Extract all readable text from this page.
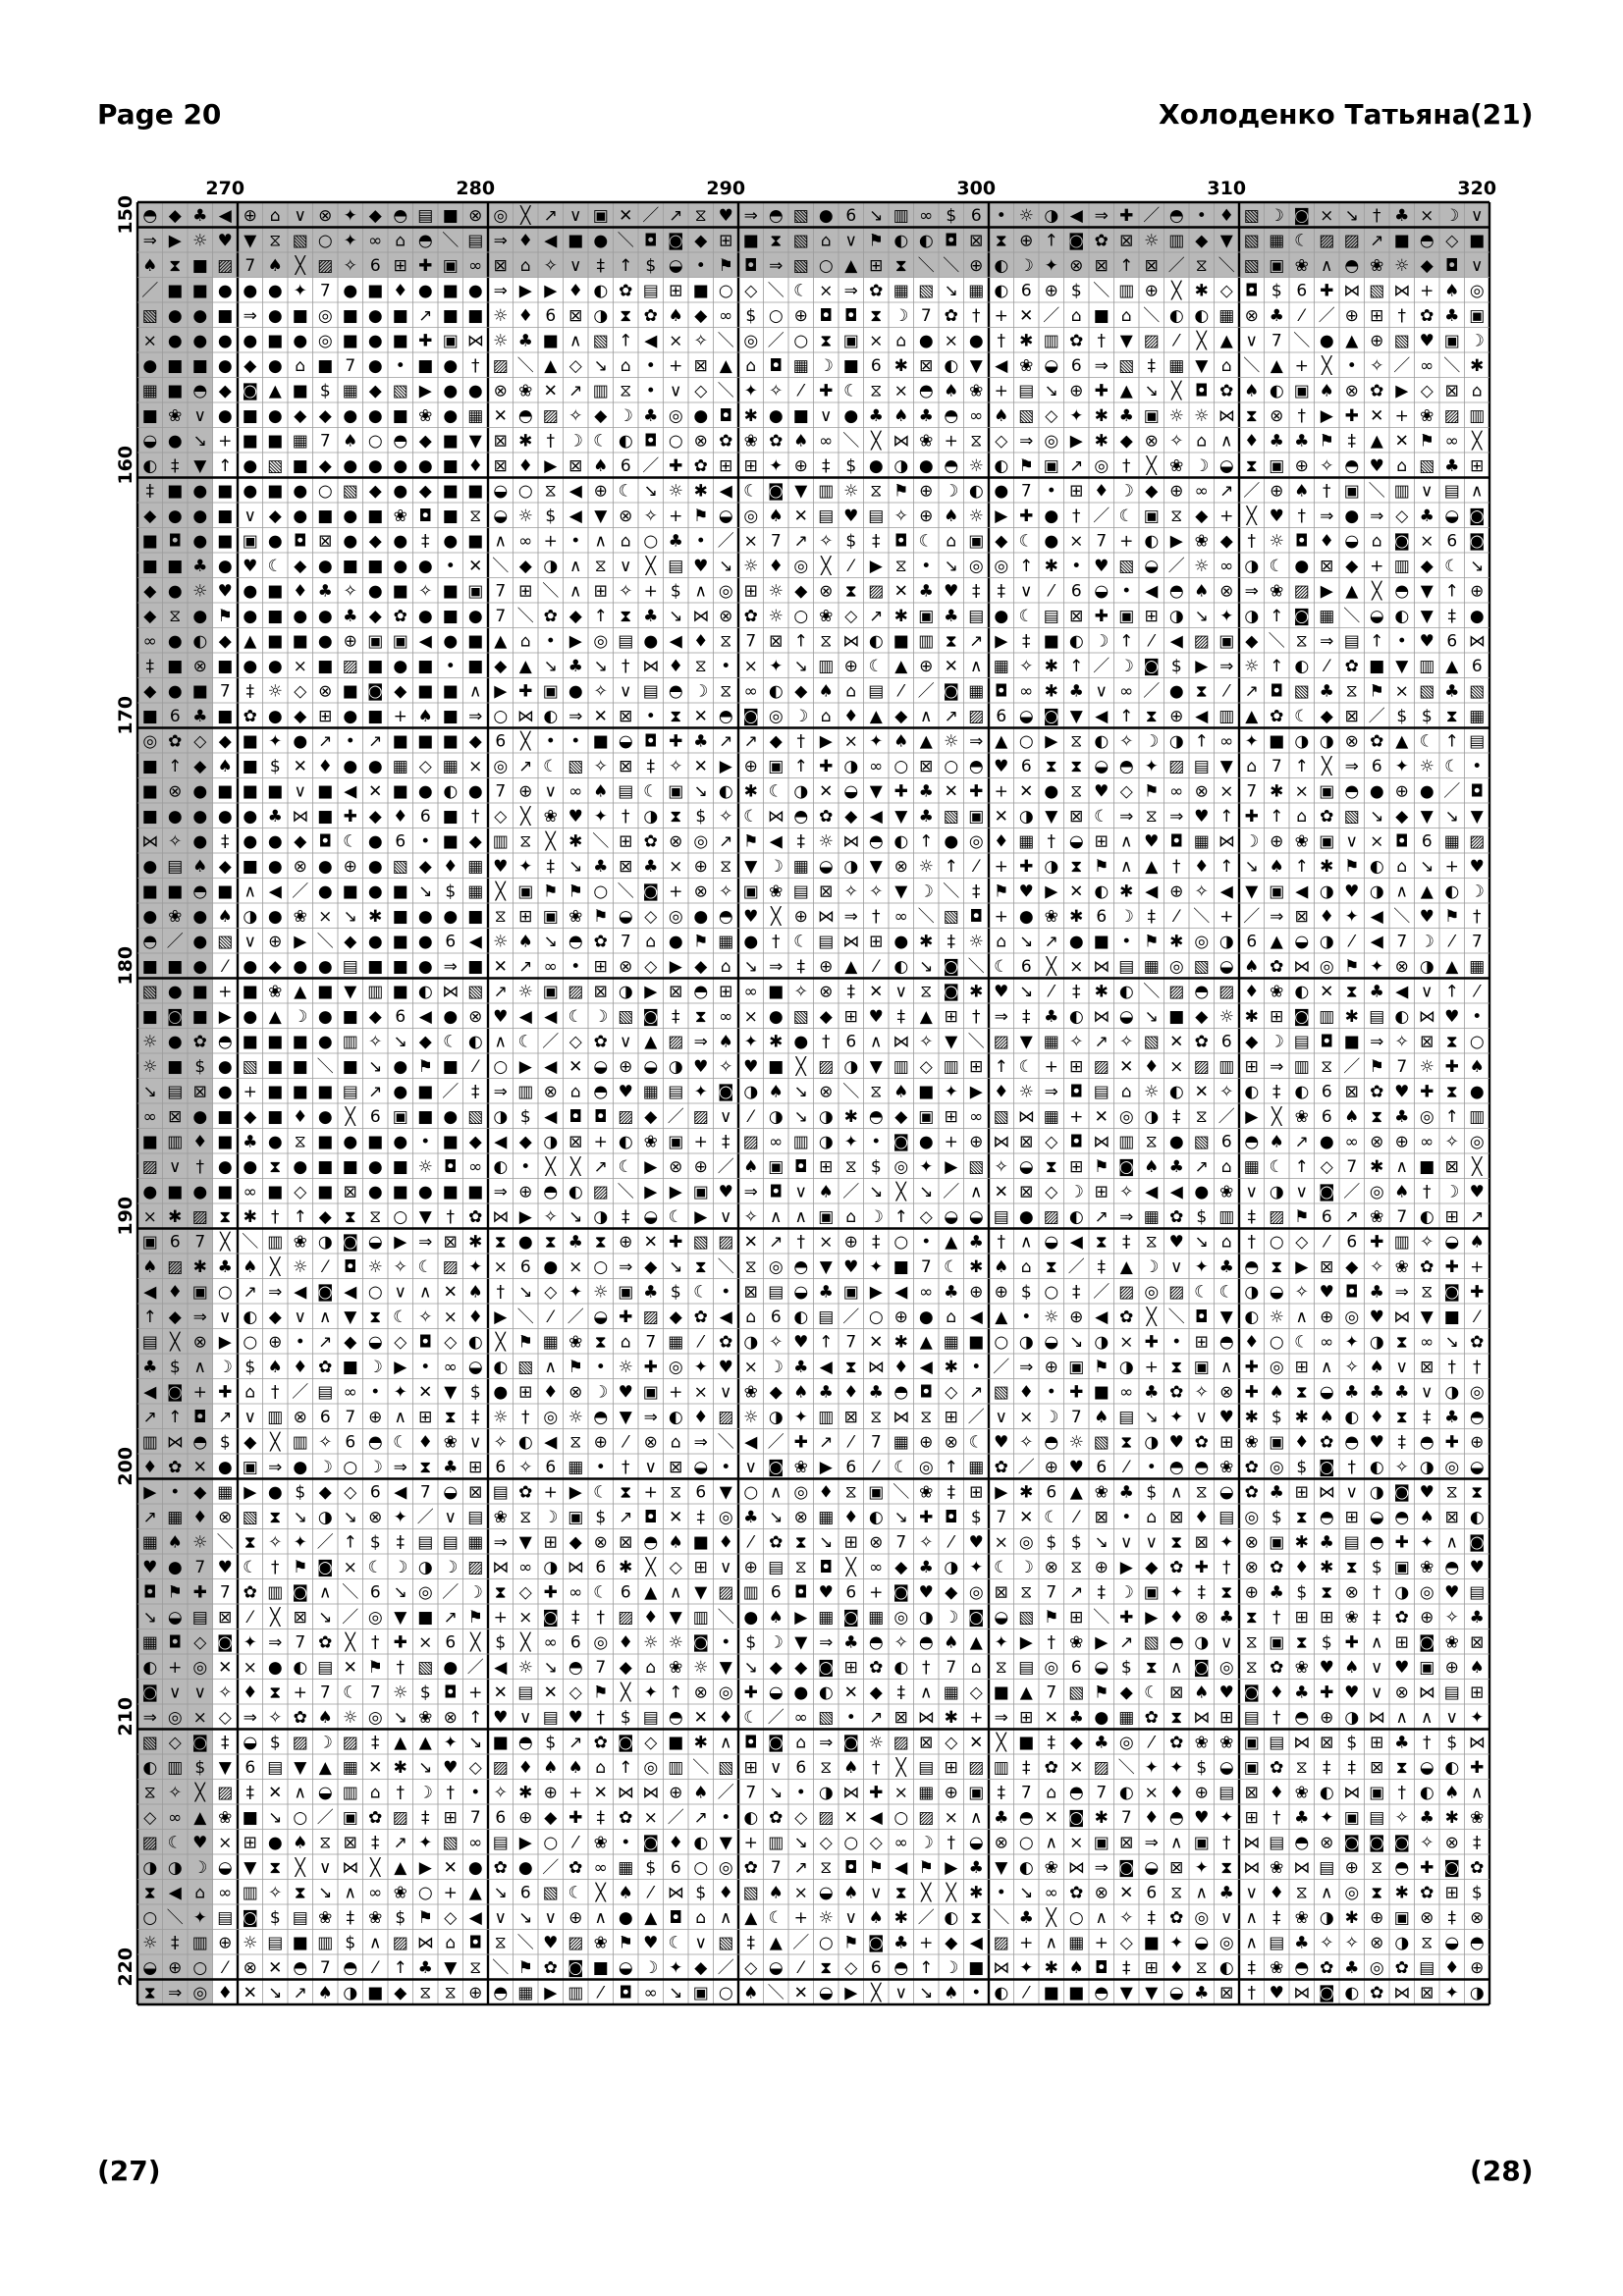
Page 20	Холоденко Татьяна (21)
◓ ◆ ♣ ◀ ⊕ ⌂ ∨ ⊗ ✦ ◆ ◓ ▤ ■ ⊗ ◎ ╳ ↗ ∨ ▣ ✕ ／ ↗ ⧖ ♥ ⇒ ◓ ▧ ● 6 ↘ ▥ ∞ $ 6 • ☼ ◑ ◀ ⇒ ✚ ／ ◓ • ♦ ▧ ☽ ◙ × ↘ † ♣ × ☽ ∨
⇒ ▶ ☼ ♥ ▼ ⧖ ▧ ○ ✦ ∞ ⌂ ◓ ＼ ▤ ⇒ ♦ ◀ ■ ● ＼ ◘ ◙ ◆ ⊞ ■ ⧗ ▧ ⌂ ∨ ⚑ ◐ ◐ ◘ ⊠ ⧗ ⊕ ↑ ◙ ✿ ⊠ ☼ ▥ ◆ ▼ ▧ ▦ ☾ ▨ ▨ ↗ ■ ◓ ◇ ■
♠ ⧗ ■ ▨ 7 ♠ ╳ ▨ ✧ 6 ⊞ ✚ ▣ ∞ ⊠ ⌂ ✧ ∨ ‡ ↑ $ ◒ • ⚑ ◘ ⇒ ▧ ○ ▲ ⊞ ⧗ ＼ ＼ ⊕ ◐ ☽ ✦ ⊗ ⊠ ↑ ⊠ ／ ⧖ ＼ ▧ ▣ ❀ ∧ ◓ ❀ ☼ ◆ ◘ ∨
／ ■ ■ ● ● ● ✦ 7 ● ■ ♦ ● ■ ● ⇒ ▶ ▶ ♦ ◐ ✿ ▤ ⊞ ■ ○ ◇ ＼ ☾ × ⇒ ✿ ▦ ▧ ↘ ▦ ◐ 6 ⊕ $ ＼ ▥ ⊕ ╳ ✱ ◇ ◘ $ 6 ✚ ⋈ ▧ ⋈ + ♠ ◎
▧ ● ● ■ ⇒ ● ■ ◎ ■ ● ■ ↗ ■ ■ ☼ ♦ 6 ⊠ ◑ ⧗ ✿ ♠ ◆ ∞ $ ○ ⊕ ◘ ◘ ⧗ ☽ 7 ✿ † + ✕ ／ ⌂ ■ ⌂ ＼ ◐ ◐ ▦ ⊗ ♣ ⁄ ／ ⊕ ⊞ † ✿ ♣ ▣
× ● ● ● ● ■ ● ◎ ■ ● ■ ✚ ▣ ⋈ ☼ ♣ ■ ∧ ▧ ↑ ◀ × ✧ ＼ ◎ ／ ○ ⧗ ▣ × ⌂ ● × ● † ✱ ▥ ✿ † ▼ ▨ ⁄ ╳ ▲ ∨ 7 ＼ ● ▲ ⊕ ▧ ♥ ▣ ☽
● ■ ■ ● ◆ ● ⌂ ■ 7 ● • ■ ● † ▨ ＼ ▲ ◇ ↘ ⌂ • + ⊠ ▲ ⌂ ◘ ▦ ☽ ■ 6 ✱ ⊠ ◐ ▼ ◀ ❀ ◒ 6 ⇒ ▧ ‡ ▦ ▼ ⌂ ＼ ▲ + ╳ • ✧ ／ ∞ ＼ ✱
▦ ■ ◓ ◆ ◙ ▲ ■ $ ▦ ◆ ▧ ▶ ● ● ⊗ ❀ ✕ ↗ ▥ ⧖ • ∨ ◇ ＼ ✦ ✧ ⁄ ✚ ☾ ⧖ × ◓ ♠ ❀ + ▤ ↘ ⊕ ✚ ▲ ↘ ╳ ◘ ✿ ♠ ◐ ▣ ♠ ⊗ ✿ ▶ ◇ ⊠ ⌂
■ ❀ ∨ ● ■ ● ◆ ◆ ● ● ■ ❀ ● ▦ ✕ ◓ ▨ ✧ ◆ ☽ ♣ ◎ ● ◘ ✱ ● ■ ∨ ● ♣ ♠ ♣ ◓ ∞ ♠ ▧ ◇ ✦ ✱ ♣ ▣ ☼ ☼ ⋈ ⧗ ⊗ † ▶ ✚ ✕ + ❀ ▨ ▥
◒ ● ↘ + ■ ■ ▦ 7 ♠ ○ ◓ ◆ ■ ▼ ⊠ ✱ † ☽ ☾ ◐ ◘ ○ ⊗ ✿ ❀ ✿ ♠ ∞ ＼ ╳ ⋈ ❀ + ⧖ ◇ ⇒ ◎ ▶ ✱ ◆ ⊗ ✧ ⌂ ∧ ♦ ♣ ♣ ⚑ ‡ ▲ ✕ ⚑ ∞ ╳
◐ ‡ ▼ ↑ ● ▧ ■ ◆ ● ● ● ● ■ ♦ ⊠ ♦ ▶ ⊠ ♠ 6 ／ ✚ ✿ ⊞ ⊞ ✦ ⊕ ‡ $ ● ◑ ● ◓ ☼ ◐ ⚑ ▣ ↗ ◎ † ╳ ❀ ☽ ◒ ⧗ ▣ ⊕ ✧ ◓ ♥ ⌂ ▧ ♣ ⊞
‡ ■ ● ■ ● ■ ● ○ ▧ ◆ ● ◆ ■ ■ ◒ ○ ⧖ ◀ ⊕ ☾ ↘ ☼ ✱ ◀ ☾ ◙ ▼ ▥ ☼ ⧖ ⚑ ⊕ ☽ ◐ ● 7 • ⊞ ♦ ☽ ◆ ⊕ ∞ ↗ ／ ⊕ ♠ † ▣ ＼ ▥ ∨ ▤ ∧
◆ ● ● ■ ∨ ◆ ● ■ ● ■ ❀ ◘ ■ ⧖ ◒ ☼ $ ◀ ▼ ⊗ ✧ + ⚑ ◒ ◎ ♠ ✕ ▤ ♥ ▤ ✧ ⊕ ♠ ☼ ▶ ✚ ● † ／ ☾ ▣ ⧖ ◆ + ╳ ♥ † ⇒ ● ⇒ ◇ ♣ ◒ ◙
■ ◘ ● ■ ▣ ● ◘ ⊠ ● ◆ ● ‡ ● ■ ∧ ∞ + • ∧ ⌂ ○ ♣ • ／ × 7 ↗ ✧ $ ‡ ◘ ☾ ⌂ ▣ ◆ ☾ ● × 7 + ◐ ▶ ❀ ◆ † ☼ ◘ ♦ ◒ ⌂ ◙ × 6 ◙
■ ■ ♣ ● ♥ ☾ ◆ ● ■ ■ ● ● • ✕ ＼ ◆ ◑ ∧ ⧖ ∨ ╳ ▤ ♥ ↘ ☼ ♦ ◎ ╳ ⁄ ▶ ⧖ • ↘ ◎ ◎ ↑ ✱ • ♥ ▧ ◒ ／ ☼ ∞ ◑ ☾ ● ⊠ ◆ + ▥ ◆ ☾ ↘
◆ ● ☼ ♥ ● ■ ♦ ♣ ✧ ● ■ ✧ ■ ▣ 7 ⊞ ＼ ∧ ⊞ ✧ + $ ∧ ◎ ⊞ ☼ ◆ ⊗ ⧗ ▨ ✕ ♣ ♥ ‡ ‡ ∨ ⁄ 6 ◒ • ◀ ◓ ♠ ⊗ ⇒ ❀ ▨ ▶ ▲ ╳ ◓ ▼ ↑ ⊕
◆ ⧖ ● ⚑ ● ■ ● ● ♣ ◆ ✿ ● ■ ● 7 ＼ ✿ ◆ ↑ ⧗ ♣ ↘ ⋈ ⊗ ✿ ☼ ○ ❀ ◇ ↗ ✱ ▣ ♣ ▤ ● ☾ ▤ ⊠ ✚ ▣ ⊞ ◑ ↘ ✦ ◑ ↑ ◙ ▦ ＼ ◒ ◐ ▼ ‡ ●
∞ ● ◐ ◆ ▲ ■ ■ ● ⊕ ▣ ▣ ◀ ● ■ ▲ ⌂ • ▶ ◎ ▤ ● ◀ ♦ ⧖ 7 ⊠ ↑ ⧖ ⋈ ◐ ■ ▥ ⧗ ↗ ▶ ‡ ■ ◐ ☽ ↑ ⁄ ◀ ▨ ▣ ◆ ＼ ⧖ ⇒ ▤ ↑ • ♥ 6 ⋈
‡ ■ ⊗ ■ ● ● × ■ ▨ ■ ● ■ • ■ ◆ ▲ ↘ ♣ ↘ † ⋈ ♦ ⧖ • × ✦ ↘ ▥ ⊕ ☾ ▲ ⊕ ✕ ∧ ▦ ✧ ✱ ↑ ／ ☽ ◙ $ ▶ ⇒ ☼ ↑ ◐ ⁄ ✿ ■ ▼ ▥ ▲ 6
◆ ● ■ 7 ‡ ☼ ◇ ⊗ ■ ◙ ◆ ■ ■ ∧ ▶ ✚ ▣ ● ✧ ∨ ▤ ◓ ☽ ⧖ ∞ ◐ ◆ ♠ ⌂ ▤ ⁄ ／ ◙ ▦ ◘ ∞ ✱ ♣ ∨ ∞ ／ ● ⧗ ⁄ ↗ ◘ ▧ ♣ ⧖ ⚑ × ▧ ♣ ▧
■ 6 ♣ ■ ✿ ● ◆ ⊞ ● ■ + ♠ ■ ⇒ ○ ⋈ ◐ ⇒ ✕ ⊠ • ⧗ ✕ ◓ ◙ ◎ ☽ ⌂ ♦ ▲ ◆ ∧ ↗ ▨ 6 ◒ ◙ ▼ ◀ ↑ ⧗ ⊕ ◀ ▥ ▲ ✿ ☾ ◆ ⊠ ／ $ $ ⧗ ▦
◎ ✿ ◇ ◆ ■ ✦ ● ↗ • ↗ ■ ■ ■ ◆ 6 ╳ • • ■ ◒ ◘ ✚ ♣ ↗ ↗ ◆ † ▶ × ✦ ♠ ▲ ☼ ⇒ ▲ ○ ▶ ⧖ ◐ ✧ ☽ ◑ ↑ ∞ ✦ ■ ◑ ◑ ⊗ ✿ ▲ ☾ ↑ ▤
■ ↑ ◆ ♠ ■ $ ✕ ♦ ● ● ▦ ◇ ▦ × ◎ ↗ ☾ ▧ ✧ ⊠ ‡ ✧ ✕ ▶ ⊕ ▣ ↑ ✚ ◑ ∞ ○ ⊠ ○ ◓ ♥ 6 ⧗ ⧗ ◒ ◓ ✦ ▨ ▤ ▼ ⌂ 7 ↑ ╳ ⇒ 6 ✦ ☼ ☾ •
■ ⊗ ● ■ ■ ■ ∨ ■ ◀ ✕ ■ ● ◐ ● 7 ⊕ ∨ ∞ ♠ ▤ ☾ ▣ ↘ ◐ ✱ ☾ ◑ ✕ ◒ ▼ ✚ ♣ ✕ ✚ + ✕ ● ⧖ ♥ ◇ ⚑ ∞ ⊗ × 7 ✱ × ▣ ◓ ● ⊕ ● ／ ◘
■ ● ● ● ● ♣ ⋈ ■ ✚ ◆ ♦ 6 ■ † ◇ ╳ ❀ ♥ ✦ † ◑ ⧗ $ ✧ ☾ ⋈ ◓ ✿ ◆ ◀ ▼ ♣ ▧ ▣ ✕ ◑ ▼ ⊠ ☾ ⇒ ⧖ ⇒ ♥ ↑ ✚ ↑ ⌂ ✿ ▧ ↘ ◆ ▼ ↘ ▼
⋈ ✧ ● ‡ ● ● ◆ ◘ ☾ ● 6 • ■ ◆ ▥ ⧖ ╳ ✱ ＼ ⊞ ✿ ⊗ ◎ ↗ ⚑ ◀ ‡ ☼ ⋈ ◓ ◐ ↑ ● ◎ ♦ ▦ † ◒ ⊞ ∧ ♥ ◘ ▦ ⋈ ☽ ⊕ ❀ ▣ ∨ × ◘ 6 ▦ ▨
● ▤ ♠ ◆ ■ ● ⊗ ● ⊕ ● ▧ ◆ ♦ ▦ ♥ ✦ ‡ ↘ ♣ ⊠ ♣ × ⊕ ⧖ ▼ ☽ ▦ ◒ ◑ ▼ ⊗ ☼ ↑ ⁄ + ✚ ◑ ⧗ ⚑ ∧ ▲ † ♦ ↑ ↘ ♠ ↑ ✱ ⚑ ◐ ⌂ ↘ + ♥
■ ■ ◓ ■ ∧ ◀ ／ ● ■ ● ■ ↘ $ ▦ ╳ ▣ ⚑ ⚑ ○ ＼ ◙ + ⊗ ✧ ▣ ❀ ▤ ⊠ ✧ ✧ ▼ ☽ ＼ ‡ ⚑ ♥ ▶ ✕ ◐ ✱ ◀ ⊕ ✧ ◀ ▼ ▣ ◀ ◑ ♥ ◑ ∧ ▲ ◐ ☽
● ❀ ● ♠ ◑ ● ❀ × ↘ ✱ ■ ● ● ■ ⧖ ⊞ ▣ ❀ ⚑ ◒ ◇ ◎ ● ◓ ♥ ╳ ⊕ ⋈ ⇒ † ∞ ＼ ▧ ◘ + ● ❀ ✱ 6 ☽ ‡ ⁄ ＼ + ／ ⇒ ⊠ ♦ ✦ ◀ ＼ ♥ ⚑ †
◓ ／ ● ▧ ∨ ⊕ ▶ ＼ ◆ ● ■ ● 6 ◀ ☼ ♠ ↘ ◓ ✿ 7 ⌂ ● ⚑ ▦ ● † ☾ ▤ ⋈ ⊞ ● ✱ ‡ ☼ ⌂ ↘ ↗ ● ■ • ⚑ ✱ ◎ ◑ 6 ▲ ◒ ◑ ⁄ ◀ 7 ☽ ⁄ 7
■ ■ ● ⁄ ● ◆ ● ● ▤ ■ ■ ● ⇒ ■ ✕ ↗ ∞ • ⊞ ⊗ ◇ ▶ ◆ ⌂ ↘ ⇒ ‡ ⊕ ▲ ⁄ ◐ ↘ ◙ ＼ ☾ 6 ╳ × ⋈ ▤ ▦ ◎ ▧ ◒ ♠ ✿ ⋈ ◎ ⚑ ✦ ⊗ ◑ ▲ ▦
▧ ● ■ + ■ ❀ ▲ ■ ▼ ▥ ■ ◐ ⋈ ▧ ↗ ☼ ▣ ▨ ⊠ ◑ ▶ ⊠ ◓ ⊞ ∞ ■ ✧ ⊗ ‡ ✕ ∨ ⧖ ◙ ✱ ♥ ↘ ⁄ ‡ ✱ ◐ ＼ ▨ ◓ ▨ ♦ ❀ ◐ ✕ ⧗ ♣ ◀ ∨ ↑ ⁄
■ ◙ ■ ▶ ● ▲ ☽ ● ■ ◆ 6 ◀ ● ⊗ ♥ ◀ ◀ ☾ ☽ ▧ ◙ ‡ ⧗ ∞ × ● ▧ ◆ ⊞ ♥ ‡ ▲ ⊞ † ⇒ ‡ ♣ ◐ ⋈ ◒ ↘ ■ ◆ ☼ ✱ ⊞ ◙ ▥ ✱ ▤ ◐ ⋈ ♥ •
☼ ● ✿ ◓ ■ ■ ■ ● ▥ ✧ ↘ ◆ ☾ ◐ ∧ ☾ ／ ◇ ✿ ∨ ▲ ▨ ⇒ ♠ ✦ ✱ ● † 6 ∧ ⋈ ✧ ▼ ＼ ▨ ▼ ▦ ✧ ↗ ✧ ▧ ✕ ✿ 6 ◆ ☽ ▤ ◘ ■ ⇒ ✧ ⊠ ⧗ ○
☼ ■ $ ● ▧ ■ ■ ＼ ■ ↘ ● ⚑ ■ ⁄ ○ ▶ ◀ ✕ ◒ ⊕ ◒ ◑ ♥ ✧ ♥ ■ ╳ ▨ ◑ ▼ ▥ ◇ ▥ ⊞ ↑ ☾ + ⊞ ▨ ✕ ♦ × ▨ ▥ ⊞ ⇒ ▥ ⧖ ／ ⚑ 7 ☼ ✚ ♠
↘ ▤ ⊠ ● + ■ ■ ■ ▤ ↗ ● ■ ／ ‡ ⇒ ▥ ⊗ ⌂ ◓ ♥ ▦ ▤ ✦ ◙ ◑ ♠ ↘ ⊗ ＼ ⧖ ♠ ■ ✦ ▶ ♦ ☼ ⇒ ◘ ▤ ⌂ ☼ ◐ ✕ ✧ ◐ ‡ ◐ 6 ⊠ ✿ ♥ ✚ ⧗ ●
∞ ⊠ ● ■ ◆ ■ ♦ ● ╳ 6 ▣ ■ ● ▧ ◑ $ ◀ ◘ ◘ ▨ ◆ ／ ▨ ∨ ⁄ ◑ ↘ ◑ ✱ ◓ ◆ ▣ ⊞ ∞ ▧ ⋈ ▦ + ✕ ◎ ◑ ‡ ⧖ ／ ▶ ╳ ❀ 6 ♠ ⧗ ♣ ◎ ↑ ▥
■ ▥ ♦ ■ ♣ ● ⧖ ■ ● ■ ● • ■ ◆ ◀ ◆ ◑ ⊠ + ◐ ❀ ▣ + ‡ ▨ ∞ ▥ ◑ ✦ • ◙ ● + ⊕ ⋈ ⊠ ◇ ◘ ⋈ ▥ ⧖ ● ▧ 6 ◓ ♠ ↗ ● ∞ ⊗ ⊕ ∞ ✧ ◎
▨ ∨ † ● ● ⧗ ● ■ ■ ● ■ ☼ ◘ ∞ ◐ • ╳ ╳ ↗ ☾ ▶ ⊗ ⊕ ／ ♠ ▣ ◘ ⊞ ⧖ $ ◎ ✦ ▶ ▧ ✧ ◒ ⧗ ⊞ ⚑ ◙ ♠ ♣ ↗ ⌂ ▦ ☾ ↑ ◇ 7 ✱ ∧ ■ ⊠ ╳
● ■ ● ■ ∞ ■ ◇ ■ ⊠ ● ■ ● ■ ■ ⇒ ⊕ ◓ ◐ ▨ ＼ ▶ ▶ ▣ ♥ ⇒ ◘ ∨ ♠ ／ ↘ ╳ ↘ ／ ∧ ✕ ⊠ ◇ ☽ ⊞ ✧ ◀ ◀ ● ❀ ∨ ◑ ∨ ◙ ／ ◎ ♠ † ☽ ♥
× ✱ ▨ ⧗ ✱ † ↑ ◆ ⧗ ⧖ ○ ▼ † ✿ ⋈ ▶ ✧ ↘ ◑ ‡ ◒ ☾ ▶ ∨ ✧ ∧ ∧ ▣ ⌂ ☽ ↑ ◇ ◒ ◒ ▤ ● ▨ ◐ ↗ ⇒ ▦ ✿ $ ▥ ‡ ▨ ⚑ 6 ↗ ❀ 7 ◐ ⊞ ↗
▣ 6 7 ╳ ＼ ▥ ❀ ◑ ◙ ◒ ▶ ⇒ ⊠ ✱ ⧗ ● ⧗ ♣ ⧗ ⊕ ✕ ✚ ▧ ▨ ✕ ↗ † × ⊕ ‡ ○ • ▲ ♣ † ∧ ◒ ◀ ⧗ ‡ ⧖ ♥ ↘ ⌂ † ○ ◇ ⁄ 6 ✚ ▥ ✧ ◒ ♠
♠ ▨ ✱ ♣ ♠ ╳ ☼ ⁄ ◘ ☼ ✧ ☾ ▨ ✦ × 6 ● × ○ ⇒ ◆ ↘ ⧗ ＼ ⧖ ◎ ◓ ▼ ♥ ✦ ■ 7 ☾ ✱ ♠ ⌂ ⧗ ／ ‡ ▲ ☽ ∨ ✦ ♣ ◓ ⧗ ▶ ⊠ ◆ ✧ ❀ ✿ ✚ +
◀ ♦ ▣ ○ ↗ ⇒ ◀ ◙ ◀ ○ ∨ ∧ ✕ ♠ † ↘ ◇ ✦ ☼ ▣ ♣ $ ☾ • ⊠ ▤ ◒ ♣ ▣ ▶ ◀ ∞ ♣ ⊕ ⊕ $ ○ ‡ ／ ▨ ◎ ▨ ☾ ☾ ◑ ◒ ✧ ♥ ◘ ♣ ⇒ ⧖ ◙ ✚
↑ ◆ ⇒ ∨ ◐ ◆ ∨ ∧ ▼ ⧗ ☾ ✧ × ♦ ▶ ＼ ⁄ ／ ◒ ✚ ▨ ◆ ✿ ◀ ⌂ 6 ◐ ▤ ／ ○ ⊕ ● ⌂ ◀ ▲ • ☼ ⊕ ◀ ✿ ╳ ＼ ◘ ▼ ◐ ☼ ∧ ⊕ ◎ ♥ ⋈ ▼ ■ ⁄
▤ ╳ ⊗ ▶ ○ ⊕ • ↗ ◆ ◒ ◇ ◘ ◇ ◐ ╳ ⚑ ▦ ❀ ⧗ ⌂ 7 ▦ ⁄ ✿ ◑ ✧ ♥ ↑ 7 ✕ ✱ ▲ ▦ ■ ○ ◑ ◒ ↘ ◑ × ✚ • ⊞ ◓ ♦ ○ ☾ ∞ ✦ ◑ ⧗ ∞ ↘ ✿
♣ $ ∧ ☽ $ ♠ ♦ ✿ ■ ☽ ▶ • ∞ ◒ ◐ ▧ ∧ ⚑ • ☼ ✚ ◎ ✦ ♥ × ☽ ♣ ◀ ⧗ ⋈ ♦ ◀ ✱ • ／ ⇒ ⊕ ▣ ⚑ ◑ + ⧗ ▣ ∧ ✚ ◎ ⊞ ∧ ✧ ♠ ∨ ⊠ † †
◀ ◙ + ✚ ⌂ † ／ ▤ ∞ • ✦ ✕ ▼ $ ● ⊞ ♦ ⊗ ☽ ♥ ▣ + × ∨ ❀ ◆ ♠ ♣ ♦ ♣ ◓ ◘ ◇ ↗ ▧ ♦ • ✚ ■ ∞ ♣ ✿ ✧ ⊗ ✚ ♠ ⧗ ◒ ♣ ♣ ♣ ∨ ◑ ◎
↗ ↑ ◘ ↗ ∨ ▥ ⊗ 6 7 ⊕ ∧ ⊞ ⧗ ‡ ☼ † ◎ ☼ ◓ ▼ ⇒ ◐ ♦ ▨ ☼ ◑ ✦ ▥ ⊠ ⧖ ⋈ ⧖ ⊞ ／ ∨ × ☽ 7 ♠ ▤ ↘ ✦ ∨ ♥ ✱ $ ✱ ♠ ◐ ♦ ⧗ ‡ ♣ ◓
▥ ⋈ ◓ $ ◆ ╳ ▥ ✧ 6 ◓ ☾ ♦ ❀ ∨ ✧ ◐ ◀ ⧖ ⊕ ⁄ ⊗ ⌂ ⇒ ＼ ◀ ／ ✚ ↗ ⁄ 7 ▦ ⊕ ⊗ ☾ ♥ ✧ ◓ ☼ ▧ ⧗ ◑ ♥ ✿ ⊞ ❀ ▣ ♦ ✿ ◓ ♥ ‡ ◓ ✚ ⊕
♦ ✿ ✕ ● ▣ ⇒ ● ☽ ○ ☽ ⇒ ⧗ ♣ ⊞ 6 ✧ 6 ▦ • † ∨ ⊠ ◒ • ∨ ◙ ❀ ▶ 6 ⁄ ☾ ◎ ↑ ▦ ✿ ／ ⊕ ♥ 6 ⁄ • ◓ ◓ ❀ ✿ ◎ $ ◙ † ◐ ✧ ◑ ◎ ◒
▶ • ◆ ▦ ▶ ● $ ◆ ◇ 6 ◀ 7 ◒ ⊠ ▤ ✿ + ▶ ☾ ⧗ + ⧖ 6 ▼ ○ ∧ ◎ ♦ ⧖ ▣ ＼ ❀ ‡ ⊞ ▶ ✱ 6 ▲ ❀ ♣ $ ∧ ⧖ ◒ ✿ ♣ ⊞ ⋈ ∨ ◑ ◙ ♥ ⧖ ⧗
↗ ▦ ♦ ⊗ ▧ ⧗ ↘ ◑ ↘ ⊗ ✦ ／ ∨ ▤ ❀ ⧖ ☽ ▣ $ ↗ ◘ ✕ ‡ ◎ ♣ ↘ ⊗ ▦ ♦ ◐ ↘ ✚ ◘ $ 7 ✕ ☾ ⁄ ⊠ • ⌂ ⊠ ♦ ▤ ◎ $ ⧗ ◓ ⊞ ◒ ◓ ♠ ⊠ ◐
▦ ♠ ☼ ＼ ⧗ ✧ ✦ ／ ↑ $ ‡ ▤ ▤ ▦ ⇒ ▼ ⊞ ◆ ⊗ ⊠ ◓ ♠ ■ ♦ ⁄ ✿ ⧗ ↘ ⊞ ⊗ 7 ✧ ⁄ ♥ × ◎ $ $ ↘ ∨ ∨ ⧗ ⊠ ✦ ⊗ ▣ ✱ ♣ ▤ ◓ ✚ ✦ ∧ ◙
♥ ● 7 ♥ ☾ † ⚑ ◙ × ☾ ☽ ◑ ☽ ▨ ⋈ ∞ ◑ ⋈ 6 ✱ ╳ ◇ ⊞ ∨ ⊕ ▤ ⧖ ◘ ╳ ∞ ◆ ♣ ◑ ✦ ☾ ☽ ⊗ ⧖ ⊕ ▶ ◆ ✿ ✚ † ⊗ ✿ ♦ ✱ ⧗ $ ▣ ❀ ◓ ♥
◘ ⚑ ✚ 7 ✿ ▥ ◙ ∧ ＼ 6 ↘ ◎ ／ ☽ ⧗ ◇ ✚ ∞ ☾ 6 ▲ ∧ ▼ ▨ ▥ 6 ◘ ♥ 6 + ◙ ♥ ◆ ◎ ⊠ ⧖ 7 ↗ ‡ ☽ ▣ ✦ ‡ ⧗ ⊕ ♣ $ ⧗ ⊗ † ◑ ◎ ♥ ▤
↘ ◒ ▤ ⊠ ⁄ ╳ ⊠ ↘ ／ ◎ ▼ ■ ↗ ⚑ + × ◙ ‡ † ▨ ♦ ▼ ▥ ＼ ● ♠ ▶ ▦ ◙ ▦ ◎ ◑ ☽ ◙ ◒ ▧ ⚑ ⊞ ＼ ✚ ▶ ♦ ⊗ ♣ ⧗ † ⊞ ⊞ ❀ ‡ ✿ ⊕ ✧ ♣
▦ ◘ ◇ ◙ ✦ ⇒ 7 ✿ ╳ † ✚ × 6 ╳ $ ╳ ∞ 6 ◎ ♦ ☼ ☼ ◙ • $ ☽ ▼ ⇒ ♣ ◓ ✧ ◓ ♠ ▲ ✦ ▶ † ❀ ▶ ↗ ▧ ◓ ◑ ∨ ⧖ ▣ ⧗ $ ✚ ∧ ⊞ ◙ ❀ ⊠
◐ + ◎ ✕ × ● ◐ ▤ ✕ ⚑ † ▧ ● ／ ◀ ☼ ↘ ◓ 7 ◆ ⌂ ❀ ☼ ▼ ↘ ◆ ◆ ◙ ⊞ ✿ ◐ † 7 ⌂ ⧖ ▤ ◎ 6 ◒ $ ⧗ ∧ ◙ ◎ ⧖ ✿ ❀ ♥ ♠ ∨ ♥ ▣ ⊕ ♠
◙ ∨ ∨ ✧ ♦ ⧗ + 7 ☾ 7 ☼ $ ◘ + ✕ ▤ ✕ ◇ ⚑ ╳ ✦ ↑ ⊗ ◎ ✚ ◒ ● ◐ ✕ ◆ ‡ ∧ ▦ ◇ ■ ▲ 7 ▧ ⚑ ◆ ☾ ⊠ ♠ ♥ ◙ ♦ ♣ ✚ ♥ ∨ ⊗ ⋈ ▤ ⊞
⇒ ◎ × ◇ ⇒ ✧ ✿ ♠ ☼ ◎ ↘ ❀ ⊗ ↑ ♥ ∨ ▤ ♥ † $ ▤ ◓ ✕ ♦ ☾ ／ ∞ ▧ • ↗ ⊠ ⋈ ✱ + ⇒ ⊞ ✕ ♣ ● ▦ ✿ ⧗ ⋈ ⊞ ▤ † ◓ ⊕ ◑ ⋈ ∧ ∧ ∨ ✦
▧ ◇ ◙ ‡ ◒ $ ▨ ☽ ▨ ‡ ▲ ▲ ✦ ↘ ■ ◓ $ ↗ ✿ ◙ ◇ ■ ✱ ∧ ◘ ◙ ⌂ ⇒ ◙ ☼ ▨ ⊠ ◇ ✕ ╳ ■ ‡ ◆ ♣ ◎ ⁄ ✿ ❀ ❀ ▣ ▤ ⋈ ⊠ $ ⊞ ♣ † $ ⋈
◐ ▥ $ ▼ 6 ▤ ▼ ▲ ▦ ✕ ✱ ↘ ♥ ◇ ▨ ♦ ♠ ♠ ⌂ ↑ ◎ ▥ ＼ ▧ ⊞ ∨ 6 ⧖ ♠ † ╳ ▤ ⊞ ▨ ▥ ‡ ✿ ✕ ▨ ＼ ✦ ✦ $ ◒ ▣ ✿ ⧖ ‡ ‡ ⊠ ⧗ ◒ ◐ ✚
⧖ ✧ ╳ ▨ ‡ ✕ ∧ ◒ ▥ ⌂ † ☽ † • ✧ ✱ ⊕ + ✕ ⋈ ⋈ ⊕ ♠ ／ 7 ↘ • ◑ ⋈ ✚ × ▦ ⊕ ▣ ‡ 7 ⌂ ◓ 7 ◐ × ♦ ⊕ ▤ ⊠ ♦ ❀ ◐ ⋈ ▣ † ◐ ♠ ∧
◇ ∞ ▲ ❀ ■ ↘ ○ ／ ▣ ✿ ▨ ‡ ⊞ 7 6 ⊕ ◆ ✚ ‡ ✿ × ／ ↗ • ◐ ✿ ◇ ▨ ✕ ◀ ○ ▨ × ∧ ♣ ◓ ✕ ◙ ✱ 7 ♦ ◓ ♥ ✦ ⊞ † ♣ ✦ ▣ ▤ ✧ ♣ ✱ ❀
▨ ☾ ♥ × ⊞ ● ♠ ⧖ ⊠ ‡ ↗ ✦ ▧ ∞ ▤ ▶ ○ ⁄ ❀ • ◙ ♦ ◐ ▼ + ▥ ↘ ◇ ○ ◇ ∞ ☽ † ◒ ⊗ ○ ∧ × ▣ ⊠ ⇒ ∧ ▣ † ⋈ ▤ ◓ ⊗ ◙ ◙ ◙ ✧ ⊗ ‡
◑ ◑ ☽ ◒ ▼ ⧗ ╳ ∨ ⋈ ╳ ▲ ▶ ✕ ● ✿ ● ／ ✿ ∞ ▦ $ 6 ○ ◎ ✿ 7 ↗ ⧖ ◘ ⚑ ◀ ⚑ ▶ ♣ ▼ ◐ ❀ ⋈ ⇒ ◙ ◒ ⊠ ✦ ⧗ ⋈ ❀ ⋈ ▤ ⊕ ⧖ ◓ ✚ ◙ ✿
⧗ ◀ ⌂ ∞ ▥ ✧ ⧗ ↘ ∧ ∞ ❀ ○ + ▲ ↘ 6 ▧ ☾ ╳ ♠ ⁄ ⋈ $ ♦ ▧ ♠ × ◒ ♠ ∨ ⧗ ╳ ╳ ✱ • ↘ ∞ ✿ ⊗ ✕ 6 ⧖ ∧ ♣ ∨ ♦ ⧖ ∧ ◎ ⧗ ✱ ✿ ⊞ $
○ ＼ ✦ ▤ ◙ $ ▤ ❀ ‡ ❀ $ ⚑ ◇ ◀ ∨ ↘ ∨ ⊕ ∧ ● ▲ ◘ ⌂ ∧ ▲ ☾ + ☼ ∨ ♠ ✱ ／ ◐ ⧗ ＼ ♣ ╳ ○ ∧ ✧ ‡ ✿ ◎ ∨ ∧ ‡ ❀ ◑ ✱ ⊕ ▣ ⊗ ‡ ⊗
☼ ‡ ▥ ⊕ ☼ ▤ ■ ▥ $ ∧ ▨ ⋈ ⌂ ◘ ⧖ ＼ ♥ ▨ ❀ ⚑ ♥ ☾ ∨ ▧ ‡ ▲ ／ ○ ⚑ ◙ ♣ + ◆ ◀ ▨ + ∧ ▦ + ◇ ■ ✦ ◒ ◎ ∧ ▤ ♣ ✧ ✧ ⊗ ◑ ⧖ ◒ ◓
◒ ⊕ ○ ⁄ ⊗ ✕ ◓ 7 ◓ ⁄ ↑ ♣ ▼ ⧖ ＼ ⚑ ✿ ◙ ■ ◒ ☽ ✦ ◆ ／ ◇ ◒ ⁄ ⧗ ◇ 6 ◓ ↑ ☽ ■ ⋈ ✦ ✱ ♠ ◘ ‡ ⊞ ♦ ⧖ ◐ ‡ ❀ ◓ ✿ ♣ ◎ ✿ ▤ ♦ ⊕
⧗ ⇒ ◎ ♦ ✕ ↘ ↗ ♠ ◑ ■ ◆ ⧖ ⧖ ⊕ ◓ ▦ ▶ ▥ ⁄ ◘ ∞ ↘ ▣ ○ ♠ ＼ ✕ ◒ ▶ ╳ ∨ ↘ ♠ • ◐ ⁄ ■ ■ ◓ ▼ ▼ ◒ ♣ ⊠ † ♥ ⋈ ◙ ◐ ✿ ⋈ ⊠ ✦ ◑
270	280	290	300	310	320
150
160
170
180
190
200
210
220
(27)	(28)
